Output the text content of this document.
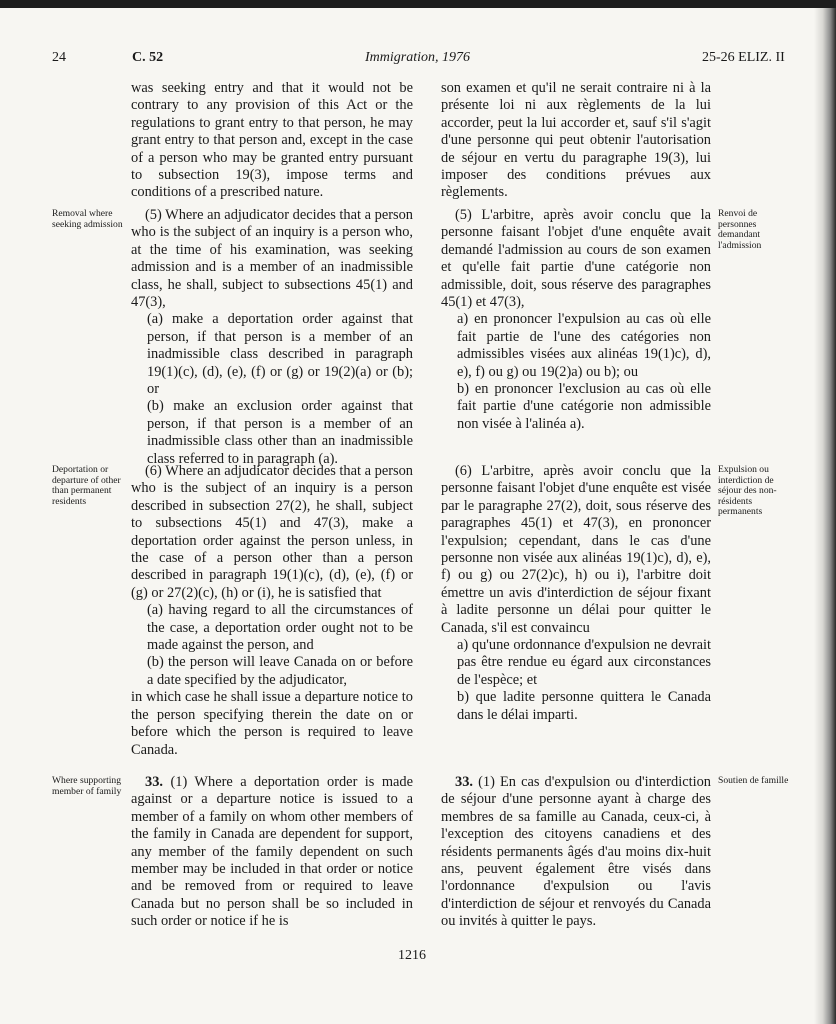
24	C. 52	Immigration, 1976	25-26 ELIZ. II

was seeking entry and that it would not be contrary to any provision of this Act or the regulations to grant entry to that person, he may grant entry to that person and, except in the case of a person who may be granted entry pursuant to subsection 19(3), impose terms and conditions of a prescribed nature.

(5) Where an adjudicator decides that a person who is the subject of an inquiry is a person who, at the time of his examination, was seeking admission and is a member of an inadmissible class, he shall, subject to subsections 45(1) and 47(3),

(a) make a deportation order against that person, if that person is a member of an inadmissible class described in paragraph 19(1)(c), (d), (e), (f) or (g) or 19(2)(a) or (b); or

(b) make an exclusion order against that person, if that person is a member of an inadmissible class other than an inadmissible class referred to in paragraph (a).

(6) Where an adjudicator decides that a person who is the subject of an inquiry is a person described in subsection 27(2), he shall, subject to subsections 45(1) and 47(3), make a deportation order against the person unless, in the case of a person other than a person described in paragraph 19(1)(c), (d), (e), (f) or (g) or 27(2)(c), (h) or (i), he is satisfied that

(a) having regard to all the circumstances of the case, a deportation order ought not to be made against the person, and

(b) the person will leave Canada on or before a date specified by the adjudicator,

in which case he shall issue a departure notice to the person specifying therein the date on or before which the person is required to leave Canada.

33. (1) Where a deportation order is made against or a departure notice is issued to a member of a family on whom other members of the family in Canada are dependent for support, any member of the family dependent on such member may be included in that order or notice and be removed from or required to leave Canada but no person shall be so included in such order or notice if he is

son examen et qu'il ne serait contraire ni à la présente loi ni aux règlements de la lui accorder, peut la lui accorder et, sauf s'il s'agit d'une personne qui peut obtenir l'autorisation de séjour en vertu du paragraphe 19(3), lui imposer des conditions prévues aux règlements.

(5) L'arbitre, après avoir conclu que la personne faisant l'objet d'une enquête avait demandé l'admission au cours de son examen et qu'elle fait partie d'une catégorie non admissible, doit, sous réserve des paragraphes 45(1) et 47(3),

a) en prononcer l'expulsion au cas où elle fait partie de l'une des catégories non admissibles visées aux alinéas 19(1)c), d), e), f) ou g) ou 19(2)a) ou b); ou

b) en prononcer l'exclusion au cas où elle fait partie d'une catégorie non admissible non visée à l'alinéa a).

(6) L'arbitre, après avoir conclu que la personne faisant l'objet d'une enquête est visée par le paragraphe 27(2), doit, sous réserve des paragraphes 45(1) et 47(3), en prononcer l'expulsion; cependant, dans le cas d'une personne non visée aux alinéas 19(1)c), d), e), f) ou g) ou 27(2)c), h) ou i), l'arbitre doit émettre un avis d'interdiction de séjour fixant à ladite personne un délai pour quitter le Canada, s'il est convaincu

a) qu'une ordonnance d'expulsion ne devrait pas être rendue eu égard aux circonstances de l'espèce; et

b) que ladite personne quittera le Canada dans le délai imparti.

33. (1) En cas d'expulsion ou d'interdiction de séjour d'une personne ayant à charge des membres de sa famille au Canada, ceux-ci, à l'exception des citoyens canadiens et des résidents permanents âgés d'au moins dix-huit ans, peuvent également être visés dans l'ordonnance d'expulsion ou l'avis d'interdiction de séjour et renvoyés du Canada ou invités à quitter le pays.

Removal where seeking admission
Deportation or departure of other than permanent residents
Where supporting member of family
Renvoi de personnes demandant l'admission
Expulsion ou interdiction de séjour des non-résidents permanents
Soutien de famille
1216
